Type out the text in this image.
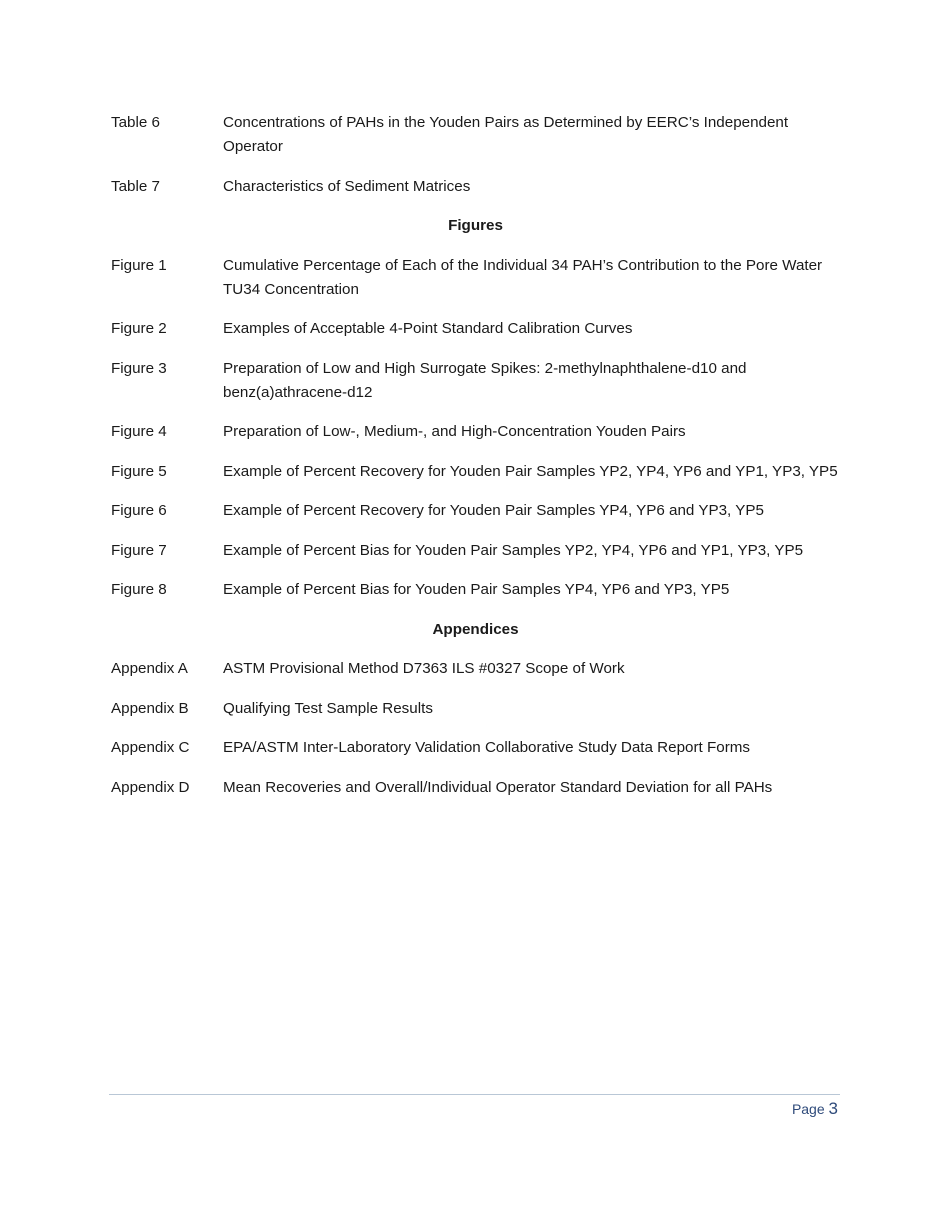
Table 6	Concentrations of PAHs in the Youden Pairs as Determined by EERC’s Independent Operator
Table 7	Characteristics of Sediment Matrices
Figures
Figure 1	Cumulative Percentage of Each of the Individual 34 PAH’s Contribution to the Pore Water TU34 Concentration
Figure 2	Examples of Acceptable 4-Point Standard Calibration Curves
Figure 3	Preparation of Low and High Surrogate Spikes: 2-methylnaphthalene-d10 and benz(a)athracene-d12
Figure 4	Preparation of Low-, Medium-, and High-Concentration Youden Pairs
Figure 5	Example of Percent Recovery for Youden Pair Samples YP2, YP4, YP6 and YP1, YP3, YP5
Figure 6	Example of Percent Recovery for Youden Pair Samples YP4, YP6 and YP3, YP5
Figure 7	Example of Percent Bias for Youden Pair Samples YP2, YP4, YP6 and YP1, YP3, YP5
Figure 8	Example of Percent Bias for Youden Pair Samples YP4, YP6 and YP3, YP5
Appendices
Appendix A	ASTM Provisional Method D7363 ILS #0327 Scope of Work
Appendix B	Qualifying Test Sample Results
Appendix C	EPA/ASTM Inter-Laboratory Validation Collaborative Study Data Report Forms
Appendix D	Mean Recoveries and Overall/Individual Operator Standard Deviation for all PAHs
Page 3
